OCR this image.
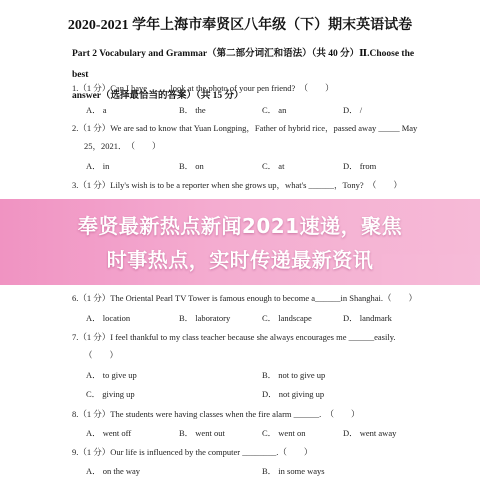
2020-2021 学年上海市奉贤区八年级（下）期末英语试卷
Part 2 Vocabulary and Grammar（第二部分词汇和语法）（共 40 分）Ⅱ.Choose the best
answer（选择最恰当的答案）（共 15 分）
1.（1 分）Can I have _____look at the photo of your pen friend?　（　　）
A． a	B． the	C． an	D． /
2.（1 分）We are sad to know that Yuan Longping，Father of hybrid rice，passed away _____ May
25，2021．　（　　）
A． in	B． on	C． at	D． from
3.（1 分）Lily's wish is to be a reporter when she grows up，what's ______，Tony?　（　　）
6.（1 分）The Oriental Pearl TV Tower is famous enough to become a______in Shanghai.（　　）
A． location	B． laboratory	C． landscape	D． landmark
7.（1 分）I feel thankful to my class teacher because she always encourages me ______easily.
（　　）
A． to give up	B． not to give up
C． giving up	D． not giving up
8.（1 分）The students were having classes when the fire alarm ______.　（　　）
A． went off	B． went out	C． went on	D． went away
9.（1 分）Our life is influenced by the computer ________.（　　）
A． on the way	B． in some ways
奉贤最新热点新闻2021速递，聚焦
时事热点，实时传递最新资讯
